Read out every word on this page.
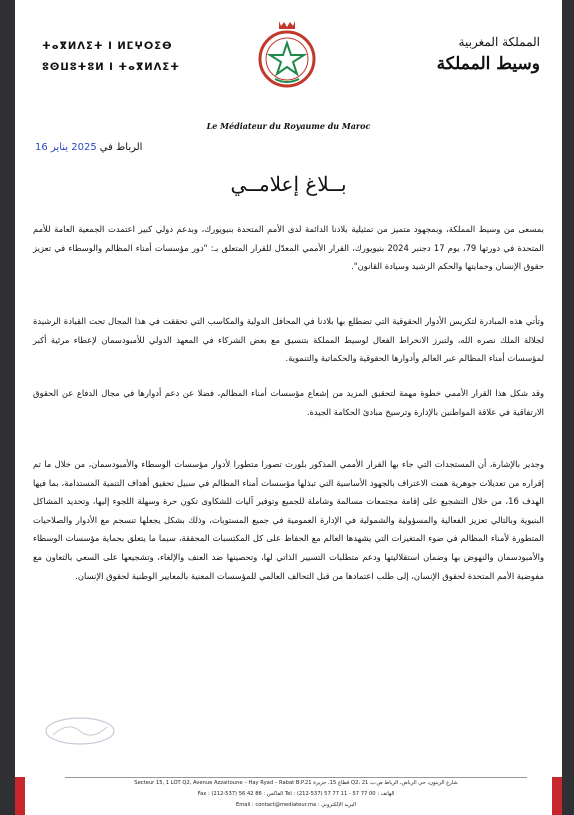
ⵜⴰⴳⵍⴷⵉⵜ ⵏ ⵍⵎⵖⵔⵉⴱ
ⵓⵙⵡⵓⵜⵓⵍ ⵏ ⵜⴰⴳⵍⴷⵉⵜ
المملكة المغربية
وسيط المملكة
Le Médiateur du Royaume du Maroc
الرباط في 2025 يناير 16
بــلاغ إعلامــي
بمسعى من وسيط المملكة، وبمجهود متميز من تمثيلية بلادنا الدائمة لدى الأمم المتحدة بنيويورك، وبدعم دولي كبير اعتمدت الجمعية العامة للأمم المتحدة في دورتها 79، يوم 17 دجنبر 2024 بنيويورك، القرار الأممي المعدّل للقرار المتعلق بـ: "دور مؤسسات أمناء المظالم والوسطاء في تعزيز حقوق الإنسان وحمايتها والحكم الرشيد وسيادة القانون".
وتأتي هذه المبادرة لتكريس الأدوار الحقوقية التي تضطلع بها بلادنا في المحافل الدولية والمكاسب التي تحققت في هذا المجال تحت القيادة الرشيدة لجلالة الملك نصره الله، ولتبرز الانخراط الفعال لوسيط المملكة بتنسيق مع بعض الشركاء في المعهد الدولي للأمبودسمان لإعطاء مرئية أكبر لمؤسسات أمناء المظالم عبر العالم وأدوارها الحقوقية والحكماتية والتنموية.
وقد شكل هذا القرار الأممي خطوة مهمة لتحقيق المزيد من إشعاع مؤسسات أمناء المظالم، فضلا عن دعم أدوارها في مجال الدفاع عن الحقوق الارتفاقية في علاقة المواطنين بالإدارة وترسيخ مبادئ الحكامة الجيدة.
وجدير بالإشارة، أن المستجدات التي جاء بها القرار الأممي المذكور بلورت تصورا متطورا لأدوار مؤسسات الوسطاء والأمبودسمان، من خلال ما تم إقراره من تعديلات جوهرية همت الاعتراف بالجهود الأساسية التي تبذلها مؤسسات أمناء المظالم في سبيل تحقيق أهداف التنمية المستدامة، بما فيها الهدف 16، من خلال التشجيع على إقامة مجتمعات مسالمة وشاملة للجميع وتوفير آليات للشكاوى تكون حرة وسهلة اللجوء إليها، وتحديد المشاكل البنيوية وبالتالي تعزيز الفعالية والمسؤولية والشمولية في الإدارة العمومية في جميع المستويات، وذلك بشكل يجعلها تنسجم مع الأدوار والصلاحيات المتطورة لأمناء المظالم في ضوء المتغيرات التي يشهدها العالم مع الحفاظ على كل المكتسبات المحققة، سيما ما يتعلق بحماية مؤسسات الوسطاء والأمبودسمان والنهوض بها وضمان استقلاليتها ودعم متطلبات التسيير الذاتي لها، وتحصينها ضد العنف والإلغاء، وتشجيعها على السعي بالتعاون مع مفوضية الأمم المتحدة لحقوق الإنسان، إلى طلب اعتمادها من قبل التحالف العالمي للمؤسسات المعنية بالمعايير الوطنية لحقوق الإنسان.
Secteur 15, 1 LOT Q2, Avenue Azzaitoune – Hay Ryad – Rabat B.P.21 قطاع 15، جزيرة Q2، شارع الزيتون، حي الرياض، الرباط ص.ب 21
Fax : (212-537) 56 42 86 : الفاكس Tel : (212-537) 57 77 11 - 57 77 00 : الهاتف
Email : contact@mediateur.ma : البريد الإلكتروني
